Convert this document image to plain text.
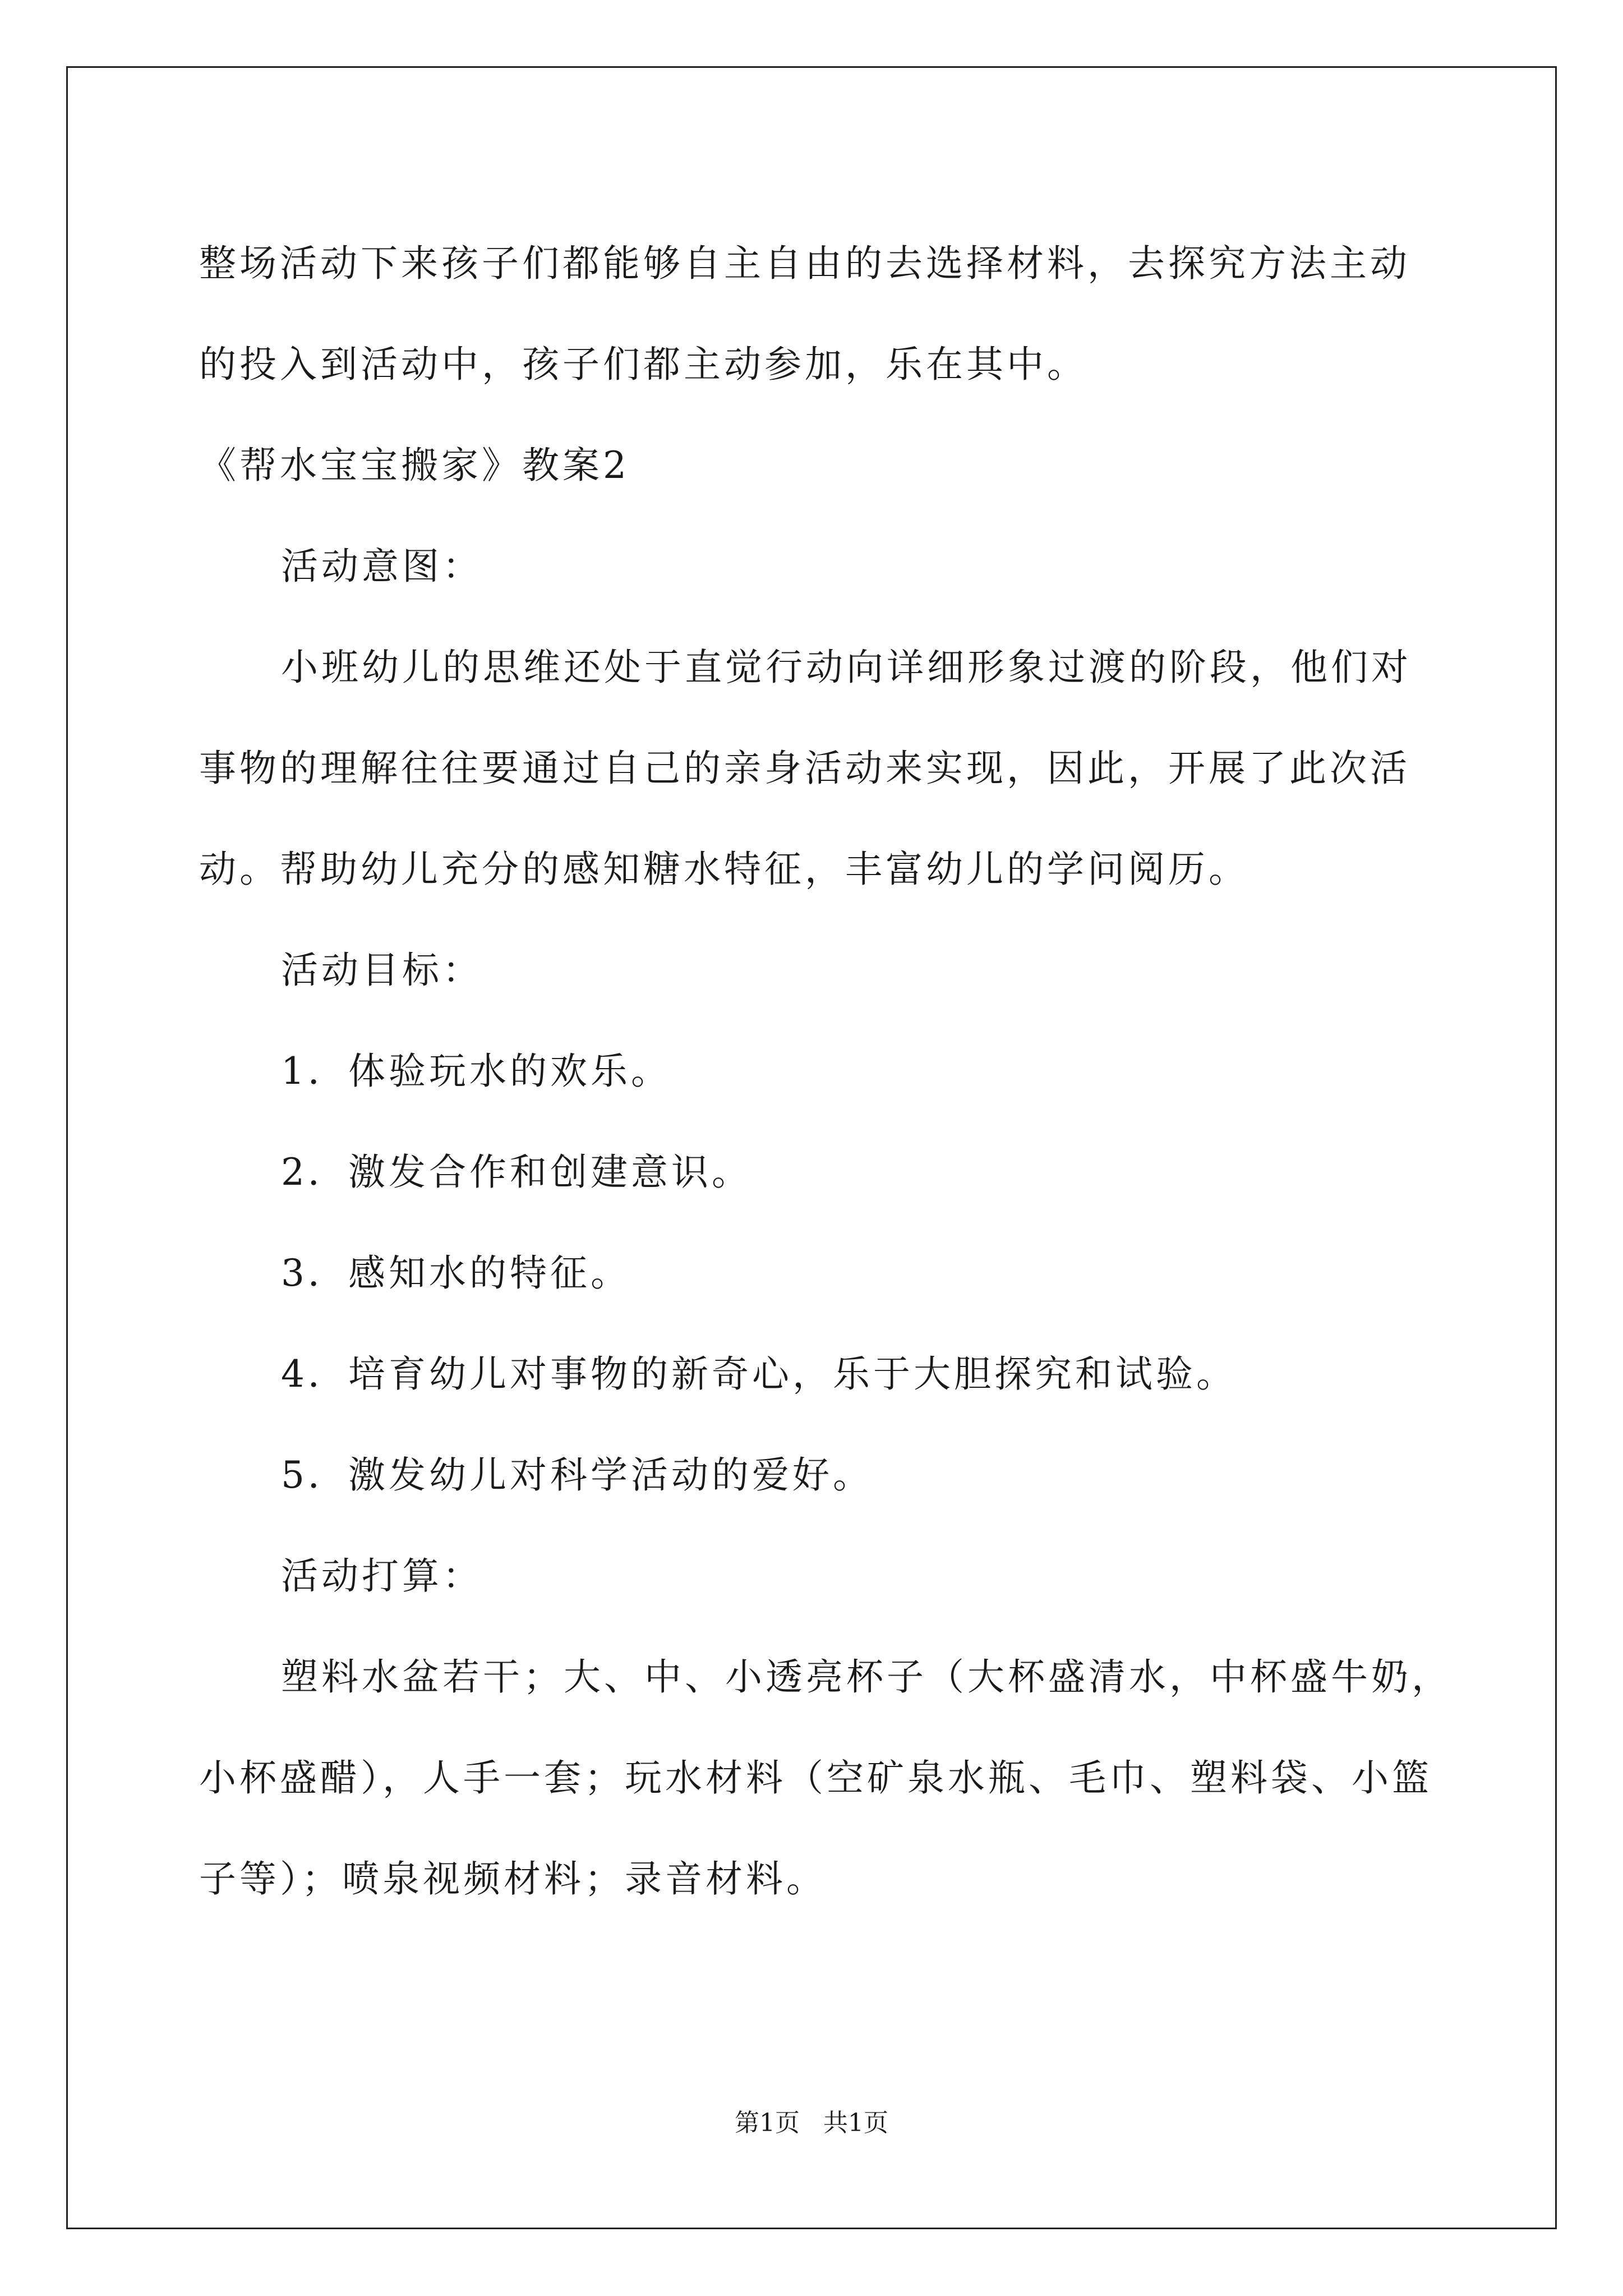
整场活动下来孩子们都能够自主自由的去选择材料，去探究方法主动
的投入到活动中，孩子们都主动参加，乐在其中。
《帮水宝宝搬家》教案2
活动意图：
小班幼儿的思维还处于直觉行动向详细形象过渡的阶段，他们对
事物的理解往往要通过自己的亲身活动来实现，因此，开展了此次活
动。帮助幼儿充分的感知糖水特征，丰富幼儿的学问阅历。
活动目标：
1．体验玩水的欢乐。
2．激发合作和创建意识。
3．感知水的特征。
4．培育幼儿对事物的新奇心，乐于大胆探究和试验。
5．激发幼儿对科学活动的爱好。
活动打算：
塑料水盆若干；大、中、小透亮杯子（大杯盛清水，中杯盛牛奶，
小杯盛醋），人手一套；玩水材料（空矿泉水瓶、毛巾、塑料袋、小篮
子等）；喷泉视频材料；录音材料。
第1页   共1页
